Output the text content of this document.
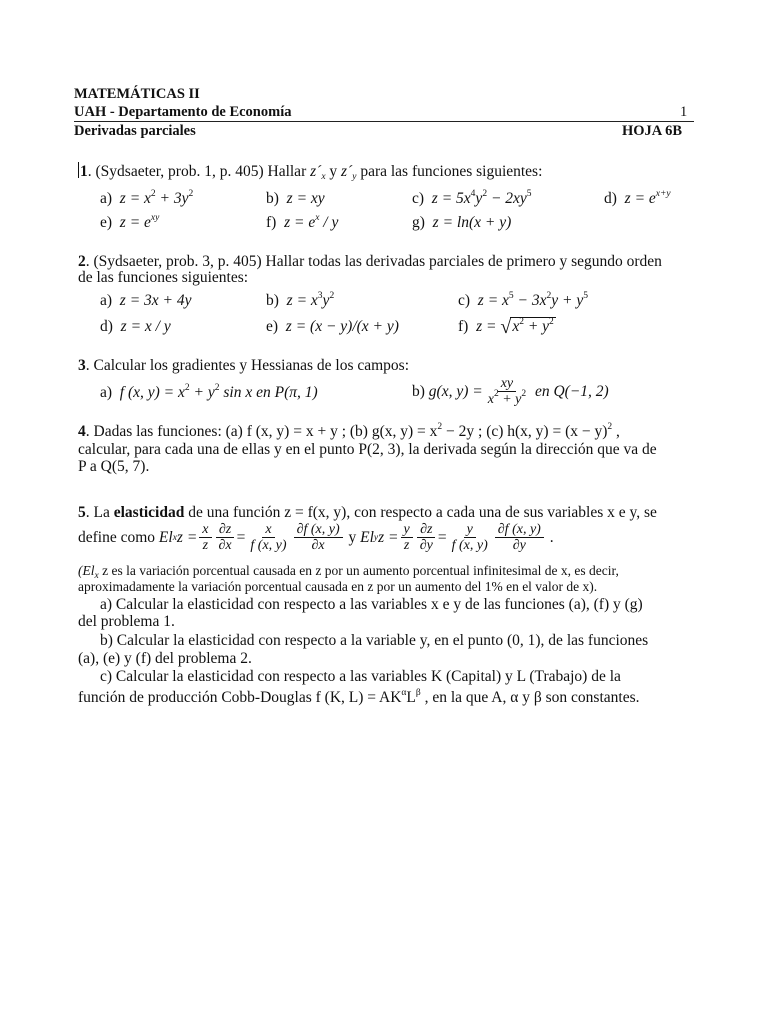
MATEMÁTICAS II
UAH - Departamento de Economía	1
Derivadas parciales	HOJA 6B
1. (Sydsaeter, prob. 1, p. 405) Hallar $z´_x$ y $z´_y$ para las funciones siguientes:
a) $z = x^2 + 3y^2$	b) z = xy	c) $z = 5x^4y^2 - 2xy^5$	d) $z = e^{x+y}$
e) $z = e^{xy}$	f) $z = e^x / y$	g) z = ln(x + y)
2. (Sydsaeter, prob. 3, p. 405) Hallar todas las derivadas parciales de primero y segundo orden
de las funciones siguientes:
a) z = 3x + 4y	b) $z = x^3y^2$	c) $z = x^5 - 3x^2y + y^5$
d) z = x / y	e) z = (x − y)/(x + y)	f) $z = √x^2 + y^2$
3. Calcular los gradientes y Hessianas de los campos:
a) f (x, $y) = x^2 + y^2$ sin x en P(π, 1)	b)
g(x, $y) = \frac{xy}{x^2 + y^2}$
en Q(−1, 2)
4. Dadas las funciones: (a) f (x, y) = x + y ; (b) g(x, $y) = x^2 - 2y$ ; (c) h(x, $y) = (x - y)^2$ ,
calcular, para cada una de ellas y en el punto P(2, 3), la derivada según la dirección que va de
P a Q(5, 7).
5. La elasticidad de una función z = f(x, y), con respecto a cada una de sus variables x e y, se
define como
El x $z = \frac{x}{z} \frac{\partial z}{\partial x} = \frac{x}{f (x, y)} \frac{\partial f (x, y)}{\partial x}$
y
El y $z = \frac{y}{z} \frac{\partial z}{\partial y} = \frac{y}{f (x, y)} \frac{\partial f (x, y)}{\partial y}$
.
($El_x$ z es la variación porcentual causada en z por un aumento porcentual infinitesimal de x, es decir,
aproximadamente la variación porcentual causada en z por un aumento del 1% en el valor de x).
a) Calcular la elasticidad con respecto a las variables x e y de las funciones (a), (f) y (g)
del problema 1.
b) Calcular la elasticidad con respecto a la variable y, en el punto (0, 1), de las funciones
(a), (e) y (f) del problema 2.
c) Calcular la elasticidad con respecto a las variables K (Capital) y L (Trabajo) de la
función de producción Cobb-Douglas f (K, $L) = AK^\alpha L^\beta$ , en la que A, α y β son constantes.
